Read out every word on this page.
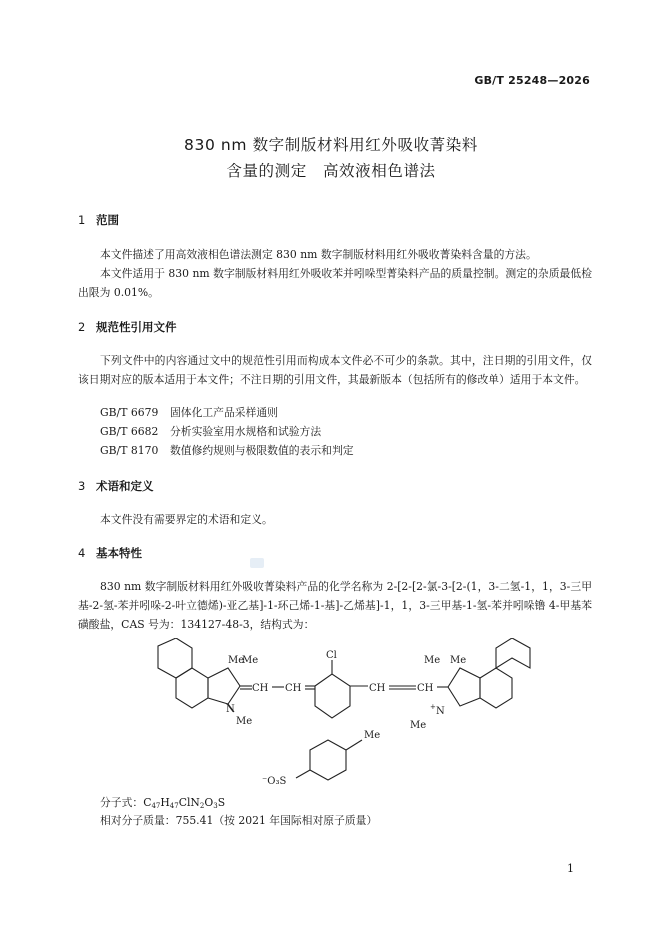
GB/T 25248—2026
830 nm 数字制版材料用红外吸收菁染料
含量的测定　高效液相色谱法
1 范围
本文件描述了用高效液相色谱法测定 830 nm 数字制版材料用红外吸收菁染料含量的方法。
本文件适用于 830 nm 数字制版材料用红外吸收苯并吲哚型菁染料产品的质量控制。测定的杂质最低检出限为 0.01%。
2 规范性引用文件
下列文件中的内容通过文中的规范性引用而构成本文件必不可少的条款。其中，注日期的引用文件，仅该日期对应的版本适用于本文件；不注日期的引用文件，其最新版本（包括所有的修改单）适用于本文件。
GB/T 6679 固体化工产品采样通则
GB/T 6682 分析实验室用水规格和试验方法
GB/T 8170 数值修约规则与极限数值的表示和判定
3 术语和定义
本文件没有需要界定的术语和定义。
4 基本特性
830 nm 数字制版材料用红外吸收菁染料产品的化学名称为 2-[2-[2-氯-3-[2-(1，3-二氢-1，1，3-三甲基-2-氢-苯并吲哚-2-叶立德烯)-亚乙基]-1-环己烯-1-基]-乙烯基]-1，1，3-三甲基-1-氢-苯并吲哚镥 4-甲基苯磺酸盐，CAS 号为：134127-48-3，结构式为：
Me
Me
N
Me
CH CH
Cl
CH	CH
Me Me
N
+
Me
Me
⁻O₃S
分子式：$C_{47}H_{47}ClN_2O_3S$
相对分子质量：755.41（按 2021 年国际相对原子质量）
1
